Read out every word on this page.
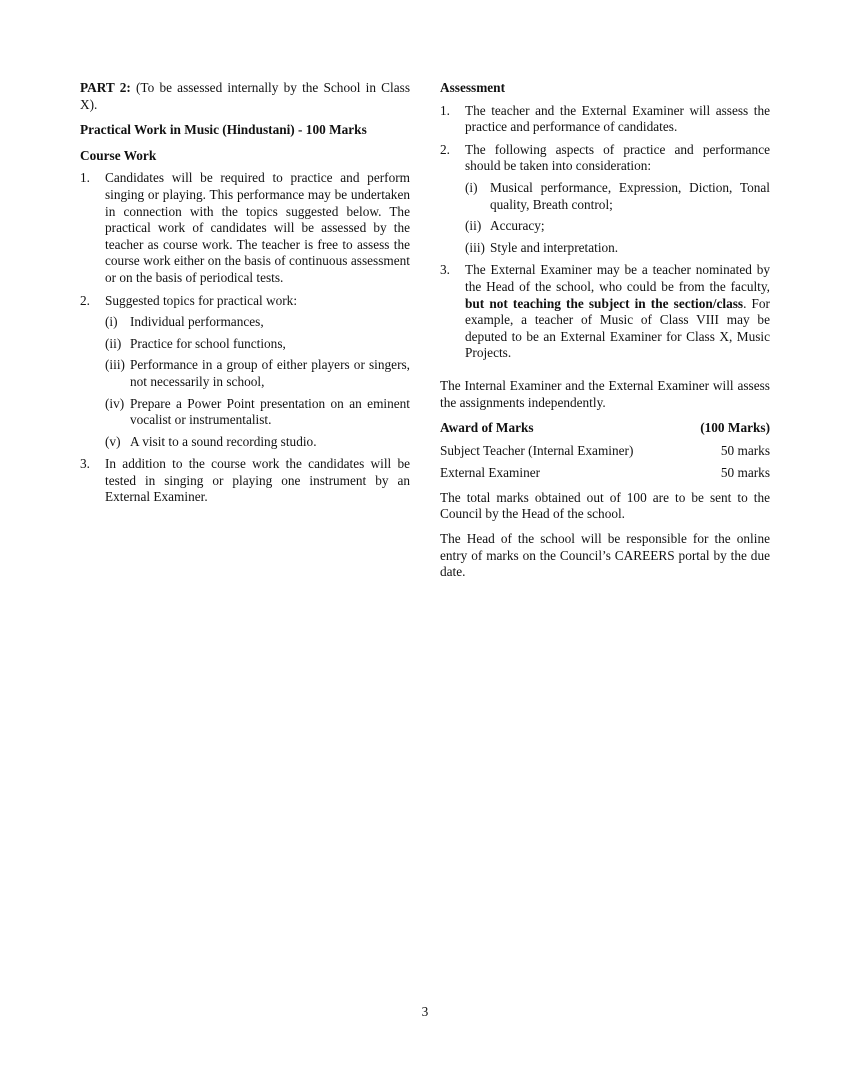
PART 2: (To be assessed internally by the School in Class X).

Practical Work in Music (Hindustani) - 100 Marks

Course Work

1.	Candidates will be required to practice and perform singing or playing. This performance may be undertaken in connection with the topics suggested below. The practical work of candidates will be assessed by the teacher as course work. The teacher is free to assess the course work either on the basis of continuous assessment or on the basis of periodical tests.
2.	Suggested topics for practical work:
(i) Individual performances,
(ii) Practice for school functions,
(iii) Performance in a group of either players or singers, not necessarily in school,
(iv) Prepare a Power Point presentation on an eminent vocalist or instrumentalist.
(v) A visit to a sound recording studio.
3.	In addition to the course work the candidates will be tested in singing or playing one instrument by an External Examiner.

Assessment

1.	The teacher and the External Examiner will assess the practice and performance of candidates.
2.	The following aspects of practice and performance should be taken into consideration:
(i) Musical performance, Expression, Diction, Tonal quality, Breath control;
(ii) Accuracy;
(iii) Style and interpretation.
3.	The External Examiner may be a teacher nominated by the Head of the school, who could be from the faculty, but not teaching the subject in the section/class. For example, a teacher of Music of Class VIII may be deputed to be an External Examiner for Class X, Music Projects.

The Internal Examiner and the External Examiner will assess the assignments independently.

Award of Marks	(100 Marks)
Subject Teacher (Internal Examiner)	50 marks
External Examiner	50 marks

The total marks obtained out of 100 are to be sent to the Council by the Head of the school.

The Head of the school will be responsible for the online entry of marks on the Council’s CAREERS portal by the due date.

3
